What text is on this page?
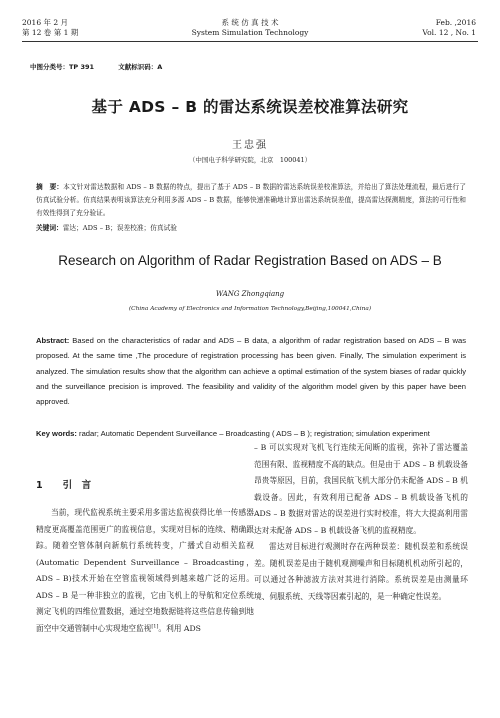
2016 年 2 月
第 12 卷 第 1 期
系 统 仿 真 技 术
System Simulation Technology
Feb. ,2016
Vol. 12 , No. 1
中图分类号：TP 391	文献标识码：A
基于 ADS – B 的雷达系统误差校准算法研究
王忠强
（中国电子科学研究院，北京　100041）
摘　要：本文针对雷达数据和 ADS – B 数据的特点，提出了基于 ADS – B 数据的雷达系统误差校准算法，并给出了算法处理流程，最后进行了仿真试验分析。仿真结果表明该算法充分利用多源 ADS – B 数据，能够快速准确地计算出雷达系统误差值，提高雷达探测精度，算法的可行性和有效性得到了充分验证。
关键词：雷达；ADS – B；误差校准；仿真试验
Research on Algorithm of Radar Registration Based on ADS – B
WANG Zhongqiang
(China Academy of Electronics and Information Technology,Beijing,100041,China)
Abstract: Based on the characteristics of radar and ADS – B data, a algorithm of radar registration based on ADS – B was proposed. At the same time ,The procedure of registration processing has been given. Finally, The simulation experiment is analyzed. The simulation results show that the algorithm can achieve a optimal estimation of the system biases of radar quickly and the surveillance precision is improved. The feasibility and validity of the algorithm model given by this paper have been approved.
Key words: radar; Automatic Dependent Surveillance – Broadcasting ( ADS – B ); registration; simulation experiment
1 引　言
当前，现代监视系统主要采用多雷达监视获得比单一传感器精度更高覆盖范围更广的监视信息，实现对目标的连续、精确跟踪。随着空管体制向新航行系统转变，广播式自动相关监视(Automatic Dependent Surveillance – Broadcasting，ADS – B)技术开始在空管监视领域得到越来越广泛的运用。ADS – B 是一种非独立的监视，它由飞机上的导航和定位系统测定飞机的四维位置数据，通过空地数据链将这些信息传输到地面空中交通管制中心实现地空监视[1]。利用 ADS

– B 可以实现对飞机飞行连续无间断的监视，弥补了雷达覆盖范围有限、监视精度不高的缺点。但是由于 ADS – B 机载设备昂贵等原因，目前，我国民航飞机大部分仍未配备 ADS – B 机载设备。因此，有效利用已配备 ADS – B 机载设备飞机的 ADS – B 数据对雷达的误差进行实时校准，将大大提高利用雷达对未配备 ADS – B 机载设备飞机的监视精度。

雷达对目标进行观测时存在两种误差：随机误差和系统误差。随机误差是由于随机观测噪声和目标随机机动所引起的，可以通过各种滤波方法对其进行消除。系统误差是由测量环境、伺服系统、天线等因素引起的，是一种确定性误差。
